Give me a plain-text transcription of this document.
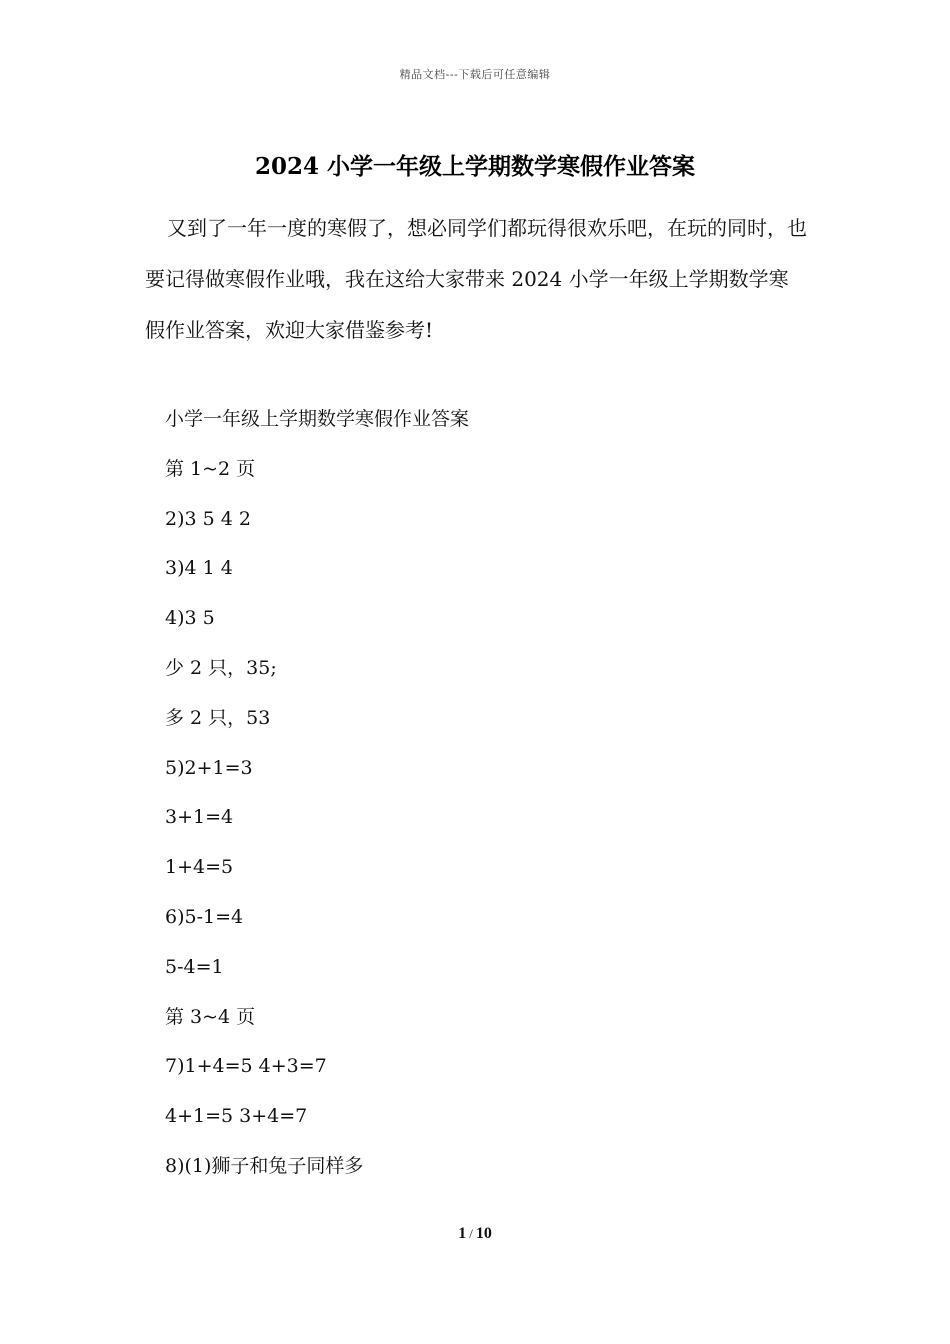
精品文档---下载后可任意编辑
2024 小学一年级上学期数学寒假作业答案

又到了一年一度的寒假了，想必同学们都玩得很欢乐吧，在玩的同时，也要记得做寒假作业哦，我在这给大家带来 2024 小学一年级上学期数学寒假作业答案，欢迎大家借鉴参考!

小学一年级上学期数学寒假作业答案
第 1~2 页
2)3 5 4 2
3)4 1 4
4)3 5
少 2 只，35;
多 2 只，53
5)2+1=3
3+1=4
1+4=5
6)5-1=4
5-4=1
第 3~4 页
7)1+4=5 4+3=7
4+1=5 3+4=7
8)(1)狮子和兔子同样多
1 / 10
